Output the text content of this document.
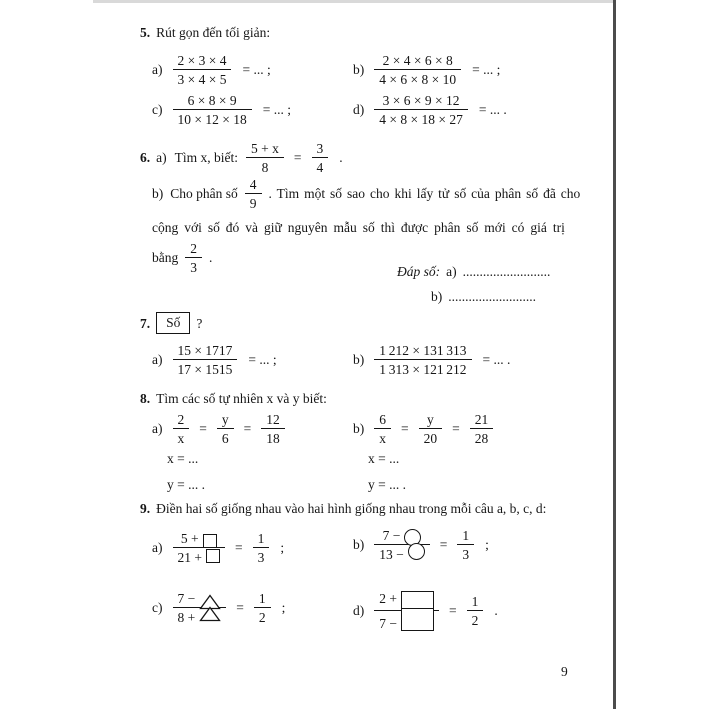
5. Rút gọn đến tối giản:
$a) \frac{2 \times 3 \times 4}{3 \times 4 \times 5}$ = ... ;	$b) \frac{2 \times 4 \times 6 \times 8}{4 \times 6 \times 8 \times 10}$ = ... ;
$c) \frac{6 \times 8 \times 9}{10 \times 12 \times 18}$ = ... ;	$d) \frac{3 \times 6 \times 9 \times 12}{4 \times 8 \times 18 \times 27}$ = ... .
6. a) Tìm x, biết: $\frac{5 + x}{8} = \frac{3}{4}$ .
b) Cho phân số $\frac{4}{9}$ . Tìm một số sao cho khi lấy tử số của phân số đã cho
cộng với số đó và giữ nguyên mẫu số thì được phân số mới có giá trị
bằng $\frac{2}{3}$ .
Đáp số: a) ..........................
b) ..........................
7.	Số	?
$a) \frac{15 \times 1717}{17 \times 1515}$ = ... ;	$b) \frac{1 212 \times 131 313}{1 313 \times 121 212}$ = ... .
8. Tìm các số tự nhiên x và y biết:
$a) \frac{2}{x} = \frac{y}{6} = \frac{12}{18}$	$b) \frac{6}{x} = \frac{y}{20} = \frac{21}{28}$
x = ...	x = ...
y = ... .	y = ... .
9. Điền hai số giống nhau vào hai hình giống nhau trong mỗi câu a, b, c, d:
$a) \frac{5 +}{21 +} = \frac{1}{3}$ ;	$b) \frac{7 -}{13 -} = \frac{1}{3}$ ;
$c) \frac{7 -}{8 +} = \frac{1}{2}$ ;	$d) \frac{2 +}{7 -} = \frac{1}{2}$ .
9
